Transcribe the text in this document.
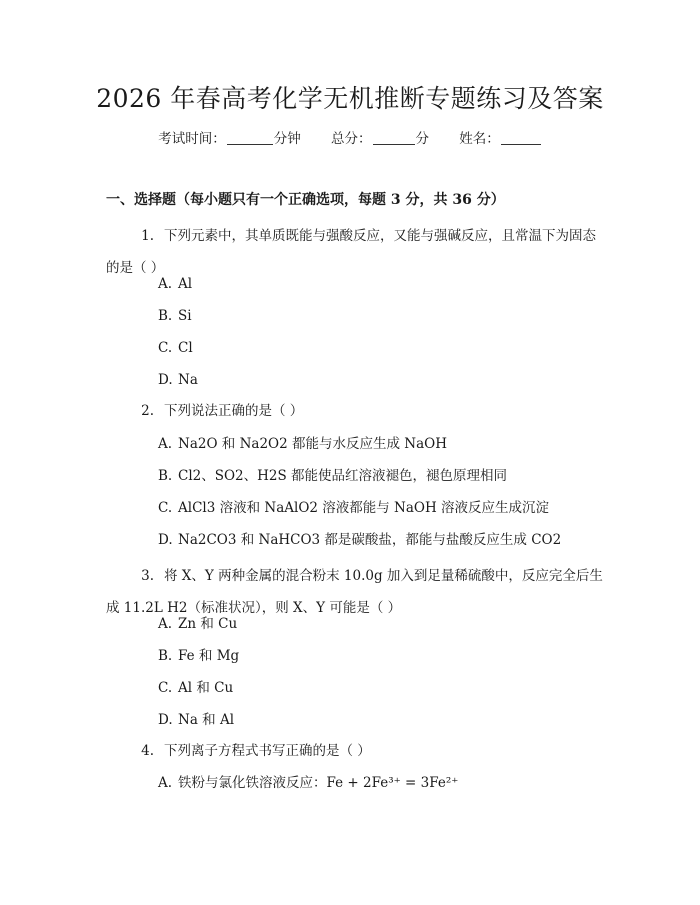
2026 年春高考化学无机推断专题练习及答案
考试时间：	分钟 总分：	分 姓名：
一、选择题（每小题只有一个正确选项，每题 3 分，共 36 分）
1. 下列元素中，其单质既能与强酸反应，又能与强碱反应，且常温下为固态
的是（ ）
A. Al
B. Si
C. Cl
D. Na
2. 下列说法正确的是（ ）
A. Na2O 和 Na2O2 都能与水反应生成 NaOH
B. Cl2、SO2、H2S 都能使品红溶液褪色，褪色原理相同
C. AlCl3 溶液和 NaAlO2 溶液都能与 NaOH 溶液反应生成沉淀
D. Na2CO3 和 NaHCO3 都是碳酸盐，都能与盐酸反应生成 CO2
3. 将 X、Y 两种金属的混合粉末 10.0g 加入到足量稀硫酸中，反应完全后生
成 11.2L H2（标准状况），则 X、Y 可能是（ ）
A. Zn 和 Cu
B. Fe 和 Mg
C. Al 和 Cu
D. Na 和 Al
4. 下列离子方程式书写正确的是（ ）
A. 铁粉与氯化铁溶液反应：Fe + 2Fe³⁺ = 3Fe²⁺
